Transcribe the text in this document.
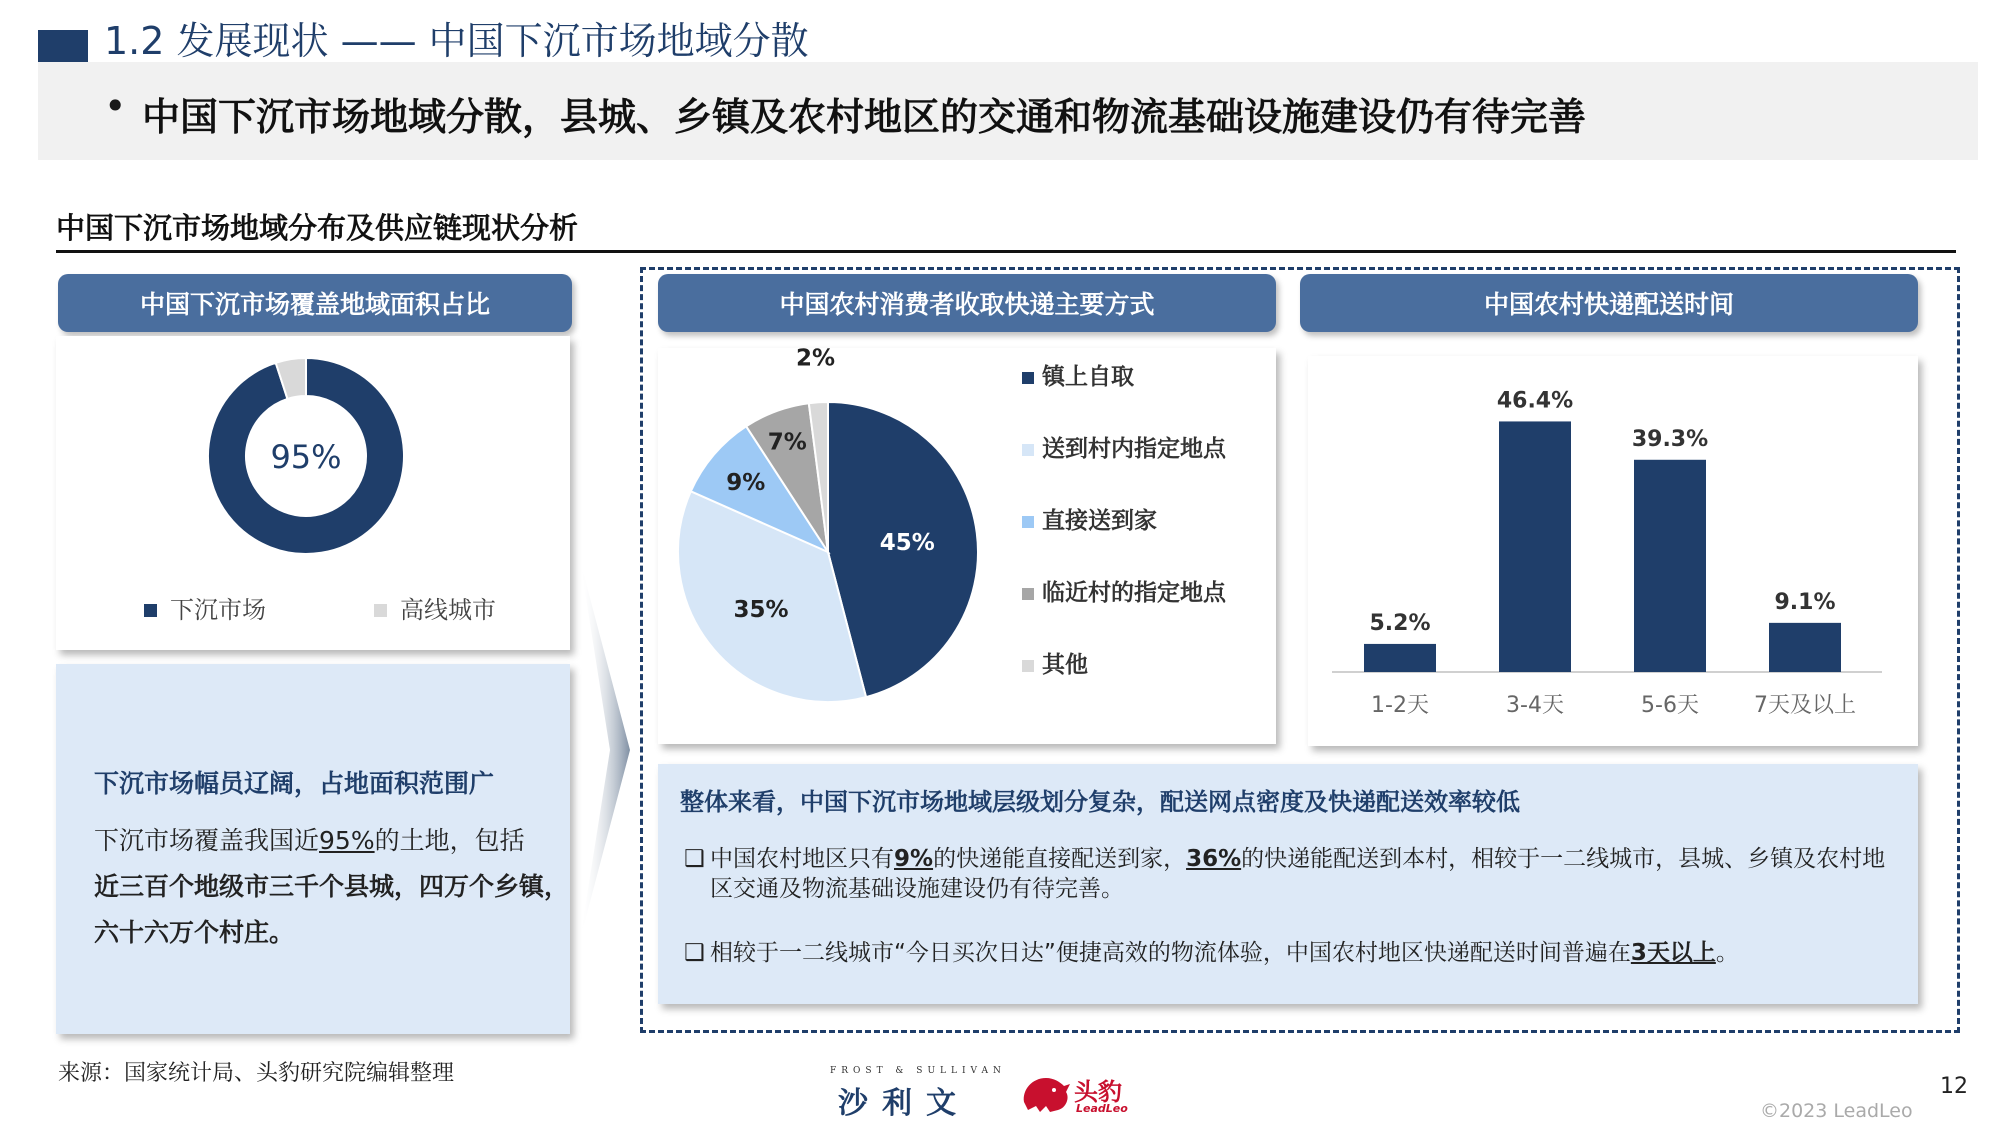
• 中国下沉市场地域分散，县城、乡镇及农村地区的交通和物流基础设施建设仍有待完善
1.2 发展现状 —— 中国下沉市场地域分散
中国下沉市场地域分布及供应链现状分析
中国下沉市场覆盖地域面积占比	中国农村消费者收取快递主要方式	中国农村快递配送时间
95%
下沉市场	高线城市
下沉市场幅员辽阔，占地面积范围广
下沉市场覆盖我国近95%的土地，包括
近三百个地级市三千个县城，四万个乡镇，六十六万个村庄。
45%
35%
9%
7%
2%
镇上自取
送到村内指定地点
直接送到家
临近村的指定地点
其他
5.2%
1-2天
46.4%
3-4天
39.3%
5-6天
9.1%
7天及以上
整体来看，中国下沉市场地域层级划分复杂，配送网点密度及快递配送效率较低
❑ 中国农村地区只有9%的快递能直接配送到家，36%的快递能配送到本村，相较于一二线城市，县城、乡镇及农村地区交通及物流基础设施建设仍有待完善。
❑ 相较于一二线城市“今日买次日达”便捷高效的物流体验，中国农村地区快递配送时间普遍在3天以上。
来源：国家统计局、头豹研究院编辑整理	FROST & SULLIVAN
沙利文	头豹
LeadLeo
12
©2023 LeadLeo
